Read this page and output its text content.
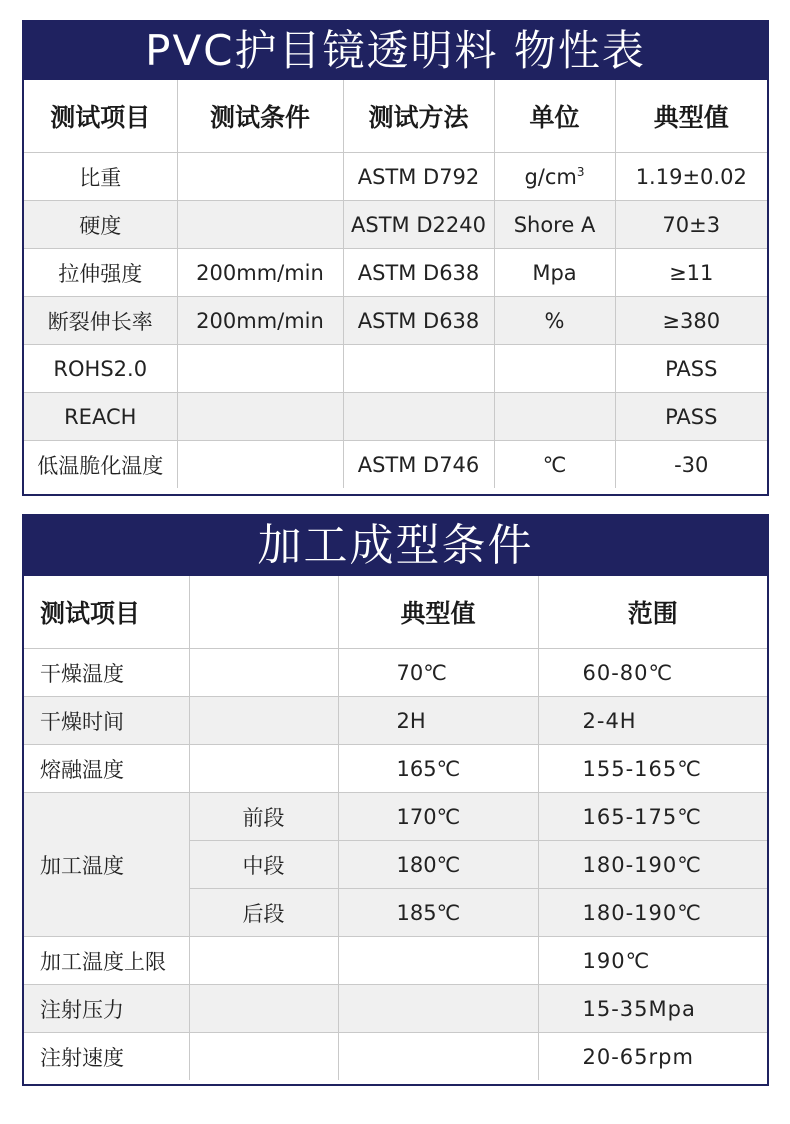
PVC护目镜透明料 物性表
测试项目	测试条件	测试方法	单位	典型值
比重		ASTM D792	$g/cm^3$	1.19±0.02
硬度		ASTM D2240	Shore A	70±3
拉伸强度	200mm/min	ASTM D638	Mpa	≥11
断裂伸长率	200mm/min	ASTM D638	%	≥380
ROHS2.0				PASS
REACH				PASS
低温脆化温度		ASTM D746	℃	-30
加工成型条件
测试项目		典型值	范围
干燥温度		70℃	60-80℃
干燥时间		2H	2-4H
熔融温度		165℃	155-165℃
加工温度	前段	170℃	165-175℃
	中段	180℃	180-190℃
	后段	185℃	180-190℃
加工温度上限			190℃
注射压力			15-35Mpa
注射速度			20-65rpm
